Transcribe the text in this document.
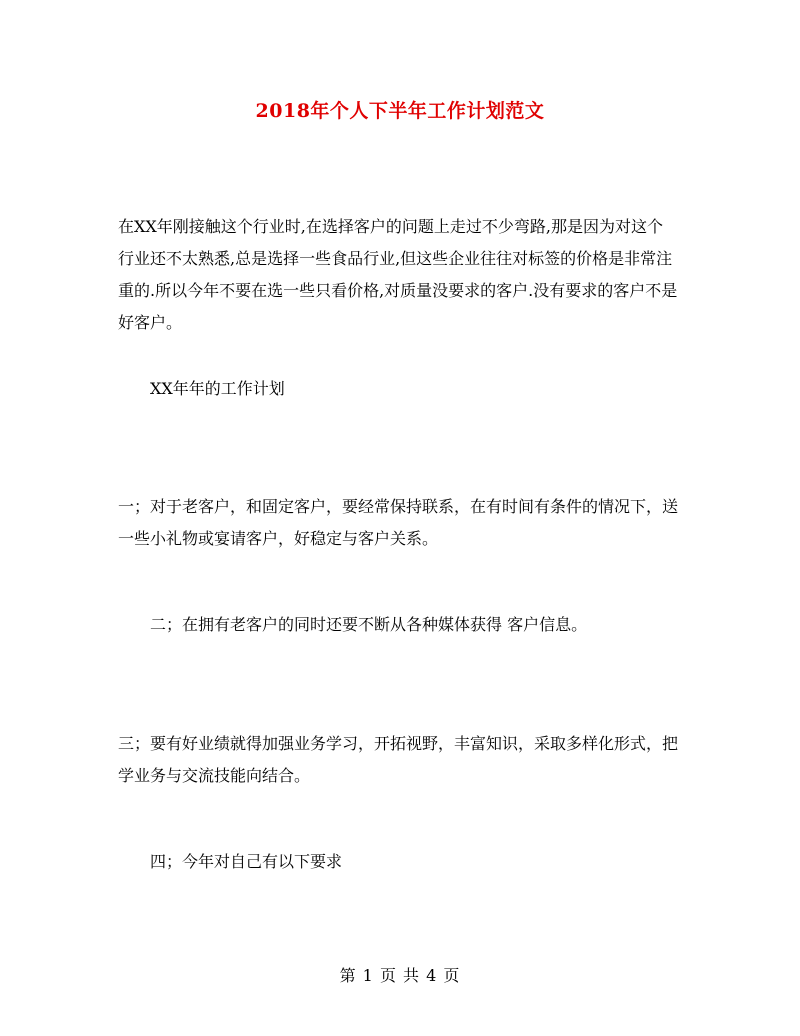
2018年个人下半年工作计划范文

在XX年刚接触这个行业时,在选择客户的问题上走过不少弯路,那是因为对这个行业还不太熟悉,总是选择一些食品行业,但这些企业往往对标签的价格是非常注重的.所以今年不要在选一些只看价格,对质量没要求的客户.没有要求的客户不是好客户。

XX年年的工作计划

一；对于老客户，和固定客户，要经常保持联系，在有时间有条件的情况下，送一些小礼物或宴请客户，好稳定与客户关系。

二；在拥有老客户的同时还要不断从各种媒体获得 客户信息。

三；要有好业绩就得加强业务学习，开拓视野，丰富知识，采取多样化形式，把学业务与交流技能向结合。

四；今年对自己有以下要求

第 1 页 共 4 页
